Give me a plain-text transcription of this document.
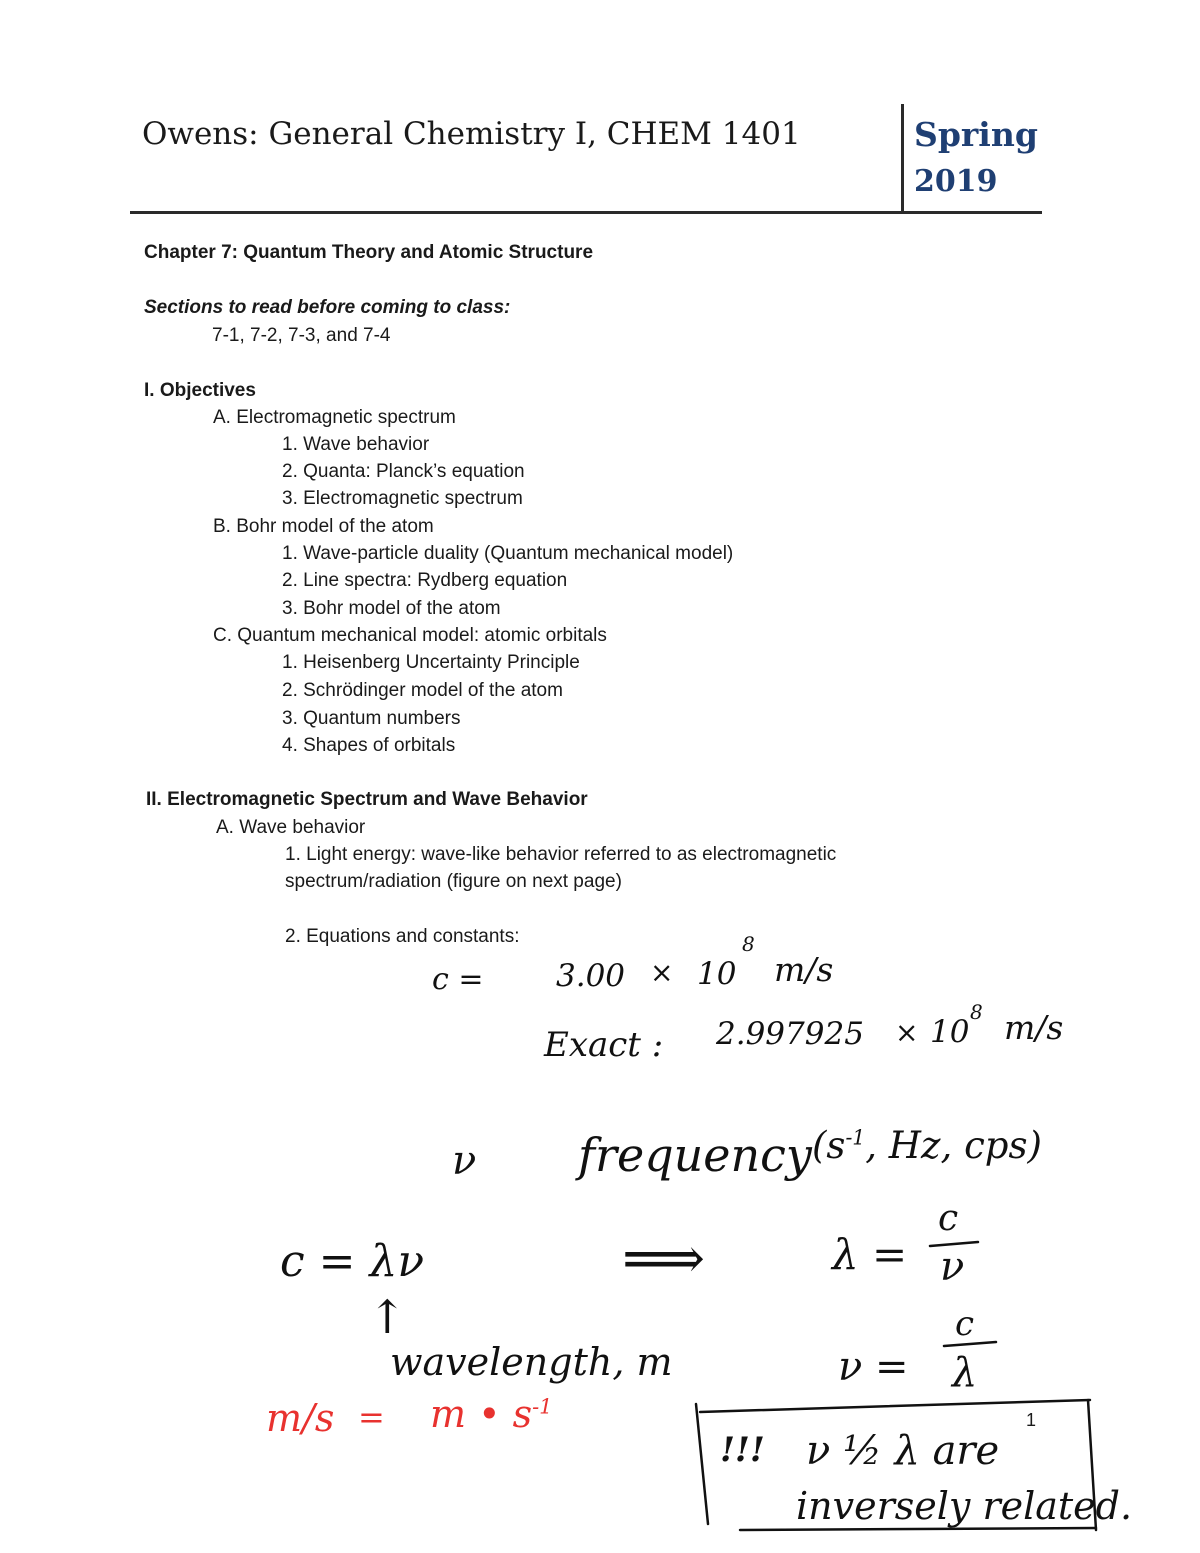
Owens: General Chemistry I, CHEM 1401	Spring
2019
Chapter 7: Quantum Theory and Atomic Structure
Sections to read before coming to class:
7-1, 7-2, 7-3, and 7-4
I. Objectives
A. Electromagnetic spectrum
1. Wave behavior
2. Quanta: Planck’s equation
3. Electromagnetic spectrum
B. Bohr model of the atom
1. Wave-particle duality (Quantum mechanical model)
2. Line spectra: Rydberg equation
3. Bohr model of the atom
C. Quantum mechanical model: atomic orbitals
1. Heisenberg Uncertainty Principle
2. Schrödinger model of the atom
3. Quantum numbers
4. Shapes of orbitals
II. Electromagnetic Spectrum and Wave Behavior
A. Wave behavior
1. Light energy: wave-like behavior referred to as electromagnetic
spectrum/radiation (figure on next page)
2. Equations and constants:
c = 3.00 × 10
8
m/s
Exact : 2.997925 × 10
8 m/s
ν frequency ($s^{-1}$, Hz, cps)
c = λν	⟹	λ =
c
ν
↑
wavelength, m	ν =
c
λ
m/s = m • $s^{-1}$
1
!!! ν ½ λ are
inversely related.
